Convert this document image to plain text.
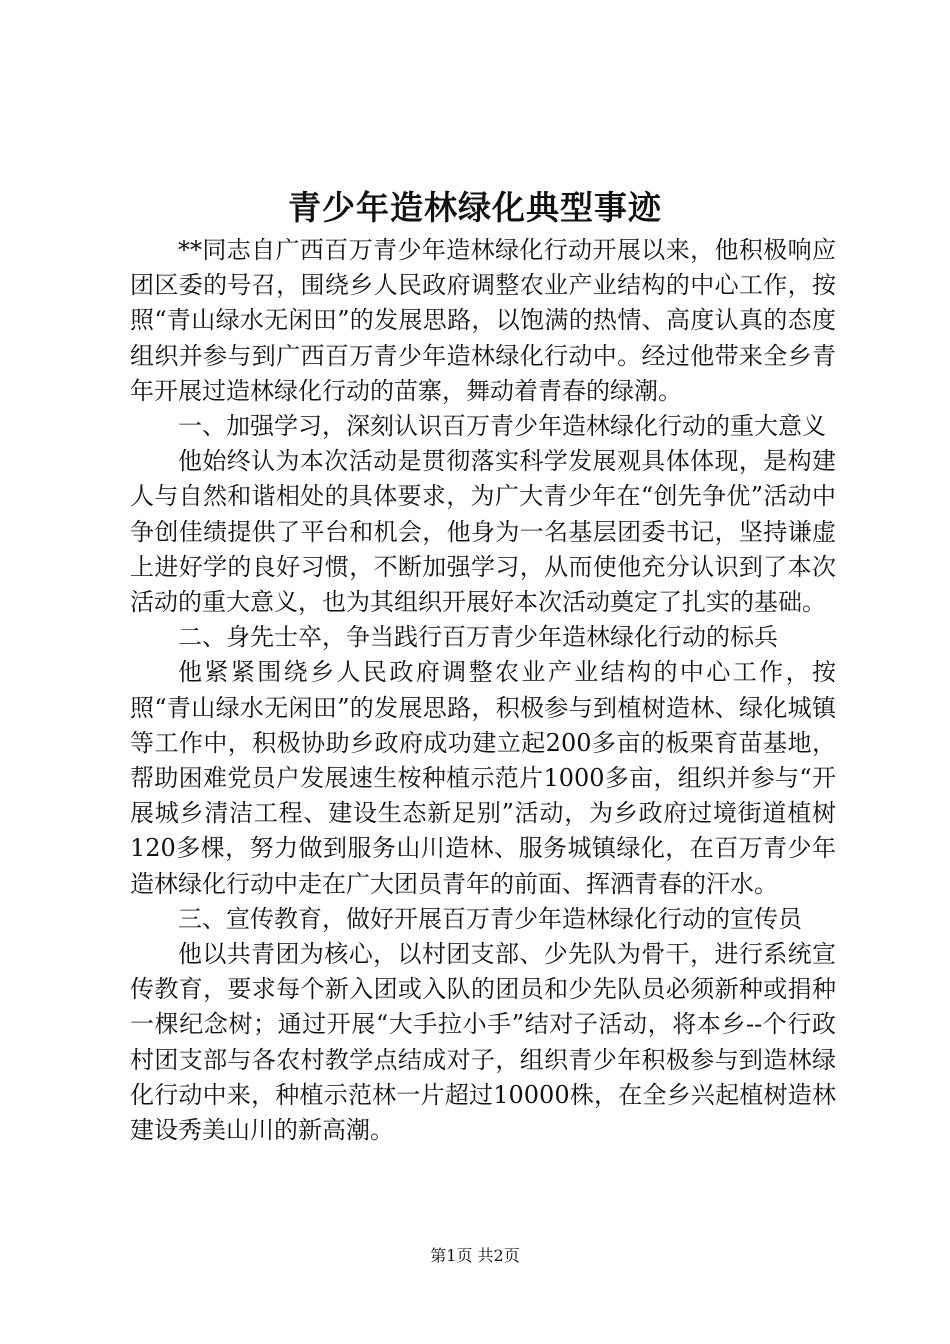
青少年造林绿化典型事迹

**同志自广西百万青少年造林绿化行动开展以来，他积极响应团区委的号召，围绕乡人民政府调整农业产业结构的中心工作，按照“青山绿水无闲田”的发展思路，以饱满的热情、高度认真的态度组织并参与到广西百万青少年造林绿化行动中。经过他带来全乡青年开展过造林绿化行动的苗寨，舞动着青春的绿潮。

一、加强学习，深刻认识百万青少年造林绿化行动的重大意义

他始终认为本次活动是贯彻落实科学发展观具体体现，是构建人与自然和谐相处的具体要求，为广大青少年在“创先争优”活动中争创佳绩提供了平台和机会，他身为一名基层团委书记，坚持谦虚上进好学的良好习惯，不断加强学习，从而使他充分认识到了本次活动的重大意义，也为其组织开展好本次活动奠定了扎实的基础。

二、身先士卒，争当践行百万青少年造林绿化行动的标兵

他紧紧围绕乡人民政府调整农业产业结构的中心工作，按照“青山绿水无闲田”的发展思路，积极参与到植树造林、绿化城镇等工作中，积极协助乡政府成功建立起200多亩的板栗育苗基地，帮助困难党员户发展速生桉种植示范片1000多亩，组织并参与“开展城乡清洁工程、建设生态新足别”活动，为乡政府过境街道植树120多棵，努力做到服务山川造林、服务城镇绿化，在百万青少年造林绿化行动中走在广大团员青年的前面、挥洒青春的汗水。

三、宣传教育，做好开展百万青少年造林绿化行动的宣传员

他以共青团为核心，以村团支部、少先队为骨干，进行系统宣传教育，要求每个新入团或入队的团员和少先队员必须新种或捐种一棵纪念树；通过开展“大手拉小手”结对子活动，将本乡--个行政村团支部与各农村教学点结成对子，组织青少年积极参与到造林绿化行动中来，种植示范林一片超过10000株，在全乡兴起植树造林建设秀美山川的新高潮。

第1页 共2页
